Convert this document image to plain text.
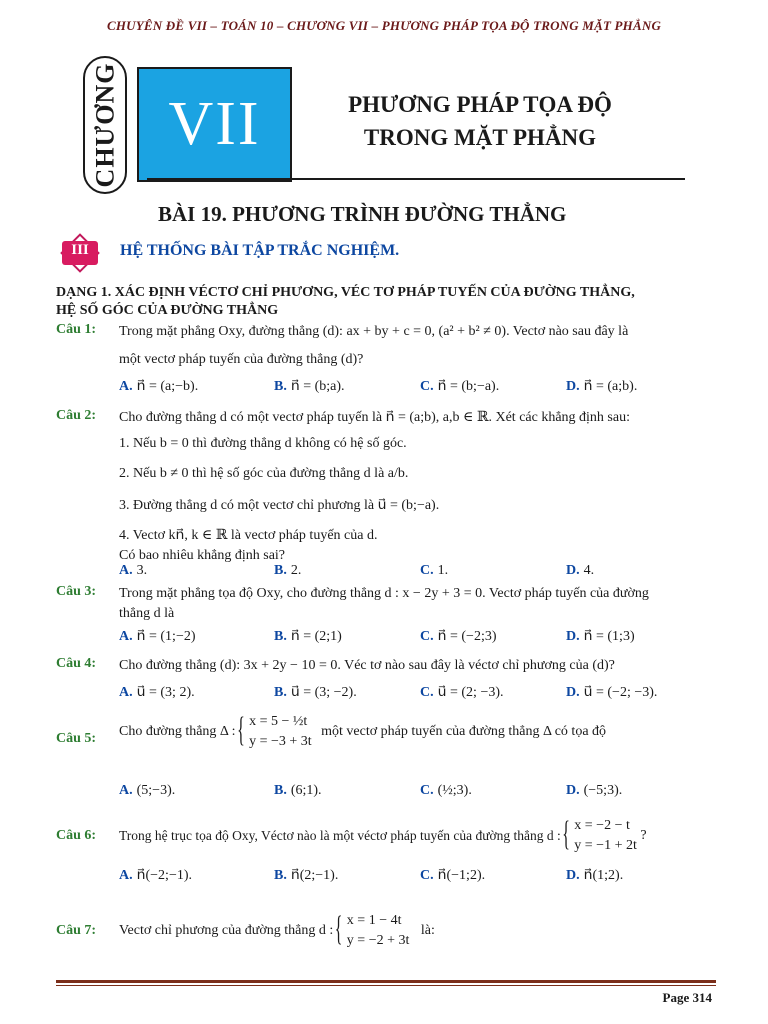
CHUYÊN ĐỀ VII – TOÁN 10 – CHƯƠNG VII – PHƯƠNG PHÁP TỌA ĐỘ TRONG MẶT PHẲNG
CHƯƠNG VII	PHƯƠNG PHÁP TỌA ĐỘ
TRONG MẶT PHẲNG
BÀI 19. PHƯƠNG TRÌNH ĐƯỜNG THẲNG
III	HỆ THỐNG BÀI TẬP TRẮC NGHIỆM.
DẠNG 1. XÁC ĐỊNH VÉCTƠ CHỈ PHƯƠNG, VÉC TƠ PHÁP TUYẾN CỦA ĐƯỜNG THẲNG,
HỆ SỐ GÓC CỦA ĐƯỜNG THẲNG
Câu 1: Trong mặt phẳng Oxy, đường thẳng (d): ax + by + c = 0, (a² + b² ≠ 0). Vectơ nào sau đây là
một vectơ pháp tuyến của đường thẳng (d)?
A. n⃗ = (a;−b).	B. n⃗ = (b;a).	C. n⃗ = (b;−a).	D. n⃗ = (a;b).
Câu 2: Cho đường thẳng d có một vectơ pháp tuyến là n⃗ = (a;b), a,b ∈ ℝ. Xét các khẳng định sau:
1. Nếu b = 0 thì đường thẳng d không có hệ số góc.
2. Nếu b ≠ 0 thì hệ số góc của đường thẳng d là a/b.
3. Đường thẳng d có một vectơ chỉ phương là u⃗ = (b;−a).
4. Vectơ kn⃗, k ∈ ℝ là vectơ pháp tuyến của d.
Có bao nhiêu khẳng định sai?
A. 3.	B. 2.	C. 1.	D. 4.
Câu 3: Trong mặt phẳng tọa độ Oxy, cho đường thẳng d : x − 2y + 3 = 0. Vectơ pháp tuyến của đường
thẳng d là
A. n⃗ = (1;−2)	B. n⃗ = (2;1)	C. n⃗ = (−2;3)	D. n⃗ = (1;3)
Câu 4: Cho đường thẳng (d): 3x + 2y − 10 = 0. Véc tơ nào sau đây là véctơ chỉ phương của (d)?
A. u⃗ = (3; 2).	B. u⃗ = (3; −2).	C. u⃗ = (2; −3).	D. u⃗ = (−2; −3).
Câu 5: Cho đường thẳng Δ :
{ x = 5 − ½t
y = −3 + 3t
một vectơ pháp tuyến của đường thẳng Δ có tọa độ
A. (5;−3).	B. (6;1).	C. (½;3).	D. (−5;3).
Câu 6: Trong hệ trục tọa độ Oxy, Véctơ nào là một véctơ pháp tuyến của đường thẳng d :
{ x = −2 − t
y = −1 + 2t
?
A. n⃗(−2;−1).	B. n⃗(2;−1).	C. n⃗(−1;2).	D. n⃗(1;2).
Câu 7: Vectơ chỉ phương của đường thẳng d :
{ x = 1 − 4t
y = −2 + 3t
là:
Page 314
